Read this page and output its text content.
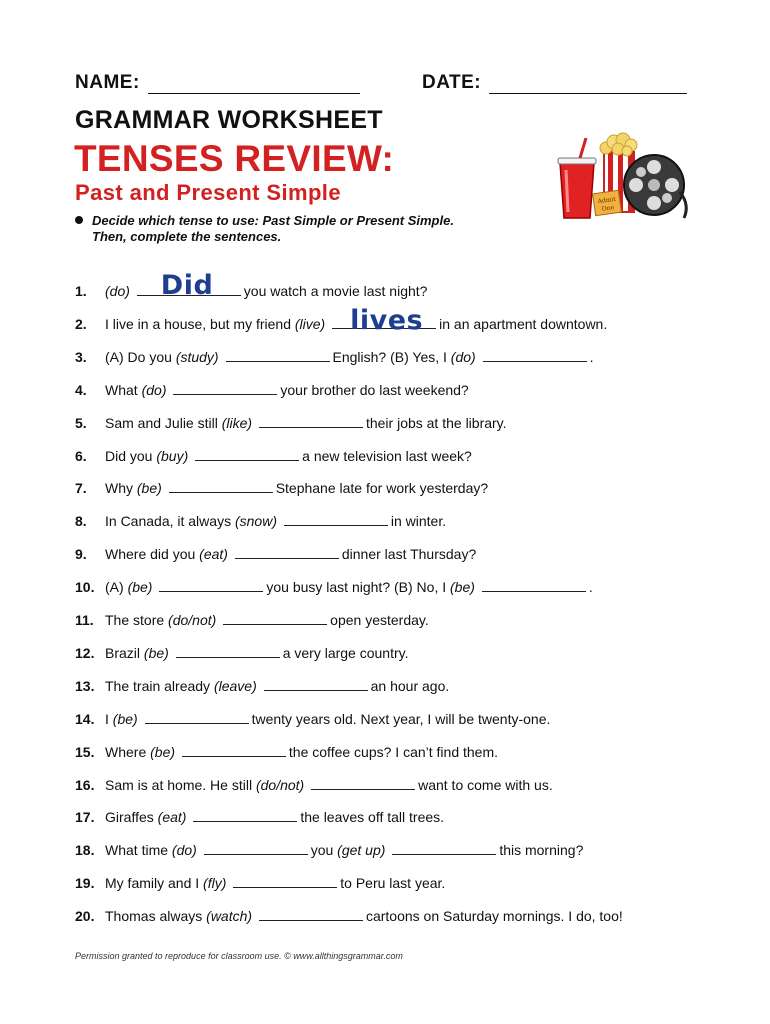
NAME:	DATE:
GRAMMAR WORKSHEET
TENSES REVIEW:
Past and Present Simple
Decide which tense to use: Past Simple or Present Simple.
Then, complete the sentences.
Admit
One
1. (do) Did you watch a movie last night?
2. I live in a house, but my friend (live) lives in an apartment downtown.
3. (A) Do you (study)	English? (B) Yes, I (do)	.
4. What (do)	your brother do last weekend?
5. Sam and Julie still (like)	their jobs at the library.
6. Did you (buy)	a new television last week?
7. Why (be)	Stephane late for work yesterday?
8. In Canada, it always (snow)	in winter.
9. Where did you (eat)	dinner last Thursday?
10. (A) (be)	you busy last night? (B) No, I (be)	.
11. The store (do/not)	open yesterday.
12. Brazil (be)	a very large country.
13. The train already (leave)	an hour ago.
14. I (be)	twenty years old. Next year, I will be twenty-one.
15. Where (be)	the coffee cups? I can’t find them.
16. Sam is at home. He still (do/not)	want to come with us.
17. Giraffes (eat)	the leaves off tall trees.
18. What time (do)	you (get up)	this morning?
19. My family and I (fly)	to Peru last year.
20. Thomas always (watch)	cartoons on Saturday mornings. I do, too!
Permission granted to reproduce for classroom use. © www.allthingsgrammar.com
